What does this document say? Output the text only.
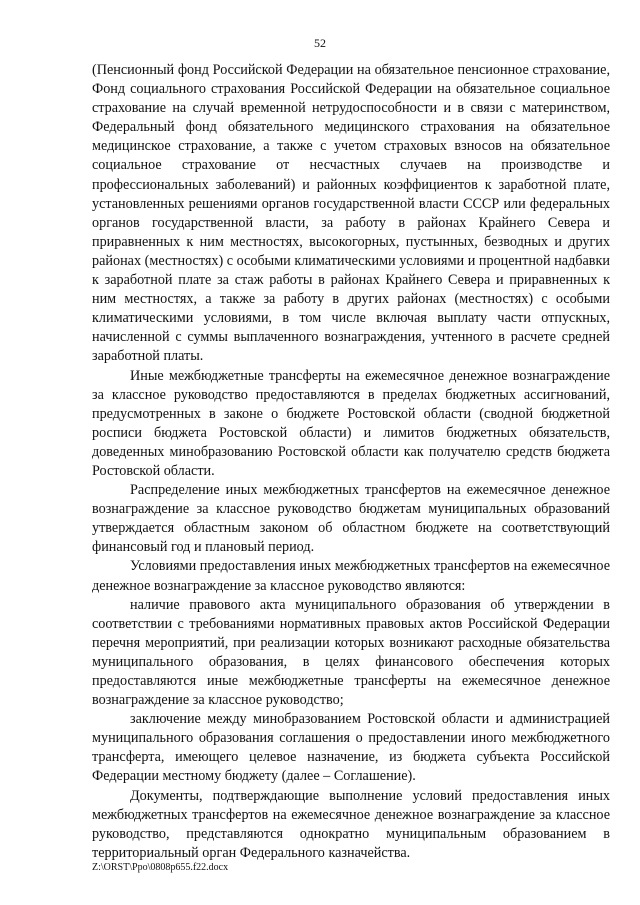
52

(Пенсионный фонд Российской Федерации на обязательное пенсионное страхование, Фонд социального страхования Российской Федерации на обязательное социальное страхование на случай временной нетрудоспособности и в связи с материнством, Федеральный фонд обязательного медицинского страхования на обязательное медицинское страхование, а также с учетом страховых взносов на обязательное социальное страхование от несчастных случаев на производстве и профессиональных заболеваний) и районных коэффициентов к заработной плате, установленных решениями органов государственной власти СССР или федеральных органов государственной власти, за работу в районах Крайнего Севера и приравненных к ним местностях, высокогорных, пустынных, безводных и других районах (местностях) с особыми климатическими условиями и процентной надбавки к заработной плате за стаж работы в районах Крайнего Севера и приравненных к ним местностях, а также за работу в других районах (местностях) с особыми климатическими условиями, в том числе включая выплату части отпускных, начисленной с суммы выплаченного вознаграждения, учтенного в расчете средней заработной платы.

Иные межбюджетные трансферты на ежемесячное денежное вознаграждение за классное руководство предоставляются в пределах бюджетных ассигнований, предусмотренных в законе о бюджете Ростовской области (сводной бюджетной росписи бюджета Ростовской области) и лимитов бюджетных обязательств, доведенных минобразованию Ростовской области как получателю средств бюджета Ростовской области.

Распределение иных межбюджетных трансфертов на ежемесячное денежное вознаграждение за классное руководство бюджетам муниципальных образований утверждается областным законом об областном бюджете на соответствующий финансовый год и плановый период.

Условиями предоставления иных межбюджетных трансфертов на ежемесячное денежное вознаграждение за классное руководство являются:

наличие правового акта муниципального образования об утверждении в соответствии с требованиями нормативных правовых актов Российской Федерации перечня мероприятий, при реализации которых возникают расходные обязательства муниципального образования, в целях финансового обеспечения которых предоставляются иные межбюджетные трансферты на ежемесячное денежное вознаграждение за классное руководство;

заключение между минобразованием Ростовской области и администрацией муниципального образования соглашения о предоставлении иного межбюджетного трансферта, имеющего целевое назначение, из бюджета субъекта Российской Федерации местному бюджету (далее – Соглашение).

Документы, подтверждающие выполнение условий предоставления иных межбюджетных трансфертов на ежемесячное денежное вознаграждение за классное руководство, представляются однократно муниципальным образованием в территориальный орган Федерального казначейства.

Z:\ORST\Ppo\0808p655.f22.docx
